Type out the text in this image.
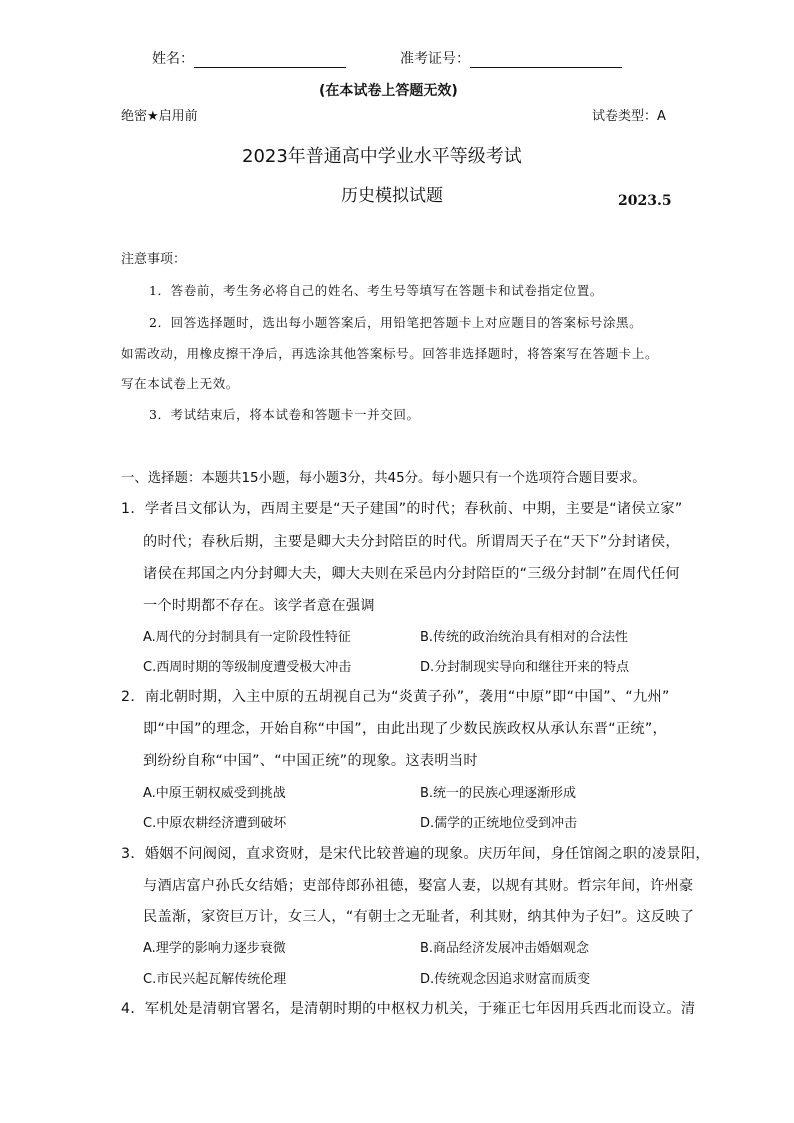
姓名：	准考证号：
(在本试卷上答题无效)
绝密★启用前	试卷类型：A
2023年普通高中学业水平等级考试
历史模拟试题	2023.5
注意事项：
1．答卷前，考生务必将自己的姓名、考生号等填写在答题卡和试卷指定位置。
2．回答选择题时，选出每小题答案后，用铅笔把答题卡上对应题目的答案标号涂黑。
如需改动，用橡皮擦干净后，再选涂其他答案标号。回答非选择题时，将答案写在答题卡上。
写在本试卷上无效。
3．考试结束后，将本试卷和答题卡一并交回。
一、选择题：本题共15小题，每小题3分，共45分。每小题只有一个选项符合题目要求。
1．学者吕文郁认为，西周主要是“天子建国”的时代；春秋前、中期，主要是“诸侯立家”
的时代；春秋后期，主要是卿大夫分封陪臣的时代。所谓周天子在“天下”分封诸侯，
诸侯在邦国之内分封卿大夫，卿大夫则在采邑内分封陪臣的“三级分封制”在周代任何
一个时期都不存在。该学者意在强调
A.周代的分封制具有一定阶段性特征	B.传统的政治统治具有相对的合法性
C.西周时期的等级制度遭受极大冲击	D.分封制现实导向和继往开来的特点
2．南北朝时期，入主中原的五胡视自己为“炎黄子孙”，袭用“中原”即“中国”、“九州”
即“中国”的理念，开始自称“中国”，由此出现了少数民族政权从承认东晋“正统”，
到纷纷自称“中国”、“中国正统”的现象。这表明当时
A.中原王朝权威受到挑战	B.统一的民族心理逐渐形成
C.中原农耕经济遭到破坏	D.儒学的正统地位受到冲击
3．婚姻不问阀阅，直求资财，是宋代比较普遍的现象。庆历年间，身任馆阁之职的凌景阳，
与酒店富户孙氏女结婚；吏部侍郎孙祖德，娶富人妻，以规有其财。哲宗年间，许州豪
民盖渐，家资巨万计，女三人，“有朝士之无耻者，利其财，纳其仲为子妇”。这反映了
A.理学的影响力逐步衰微	B.商品经济发展冲击婚姻观念
C.市民兴起瓦解传统伦理	D.传统观念因追求财富而质变
4．军机处是清朝官署名，是清朝时期的中枢权力机关，于雍正七年因用兵西北而设立。清
